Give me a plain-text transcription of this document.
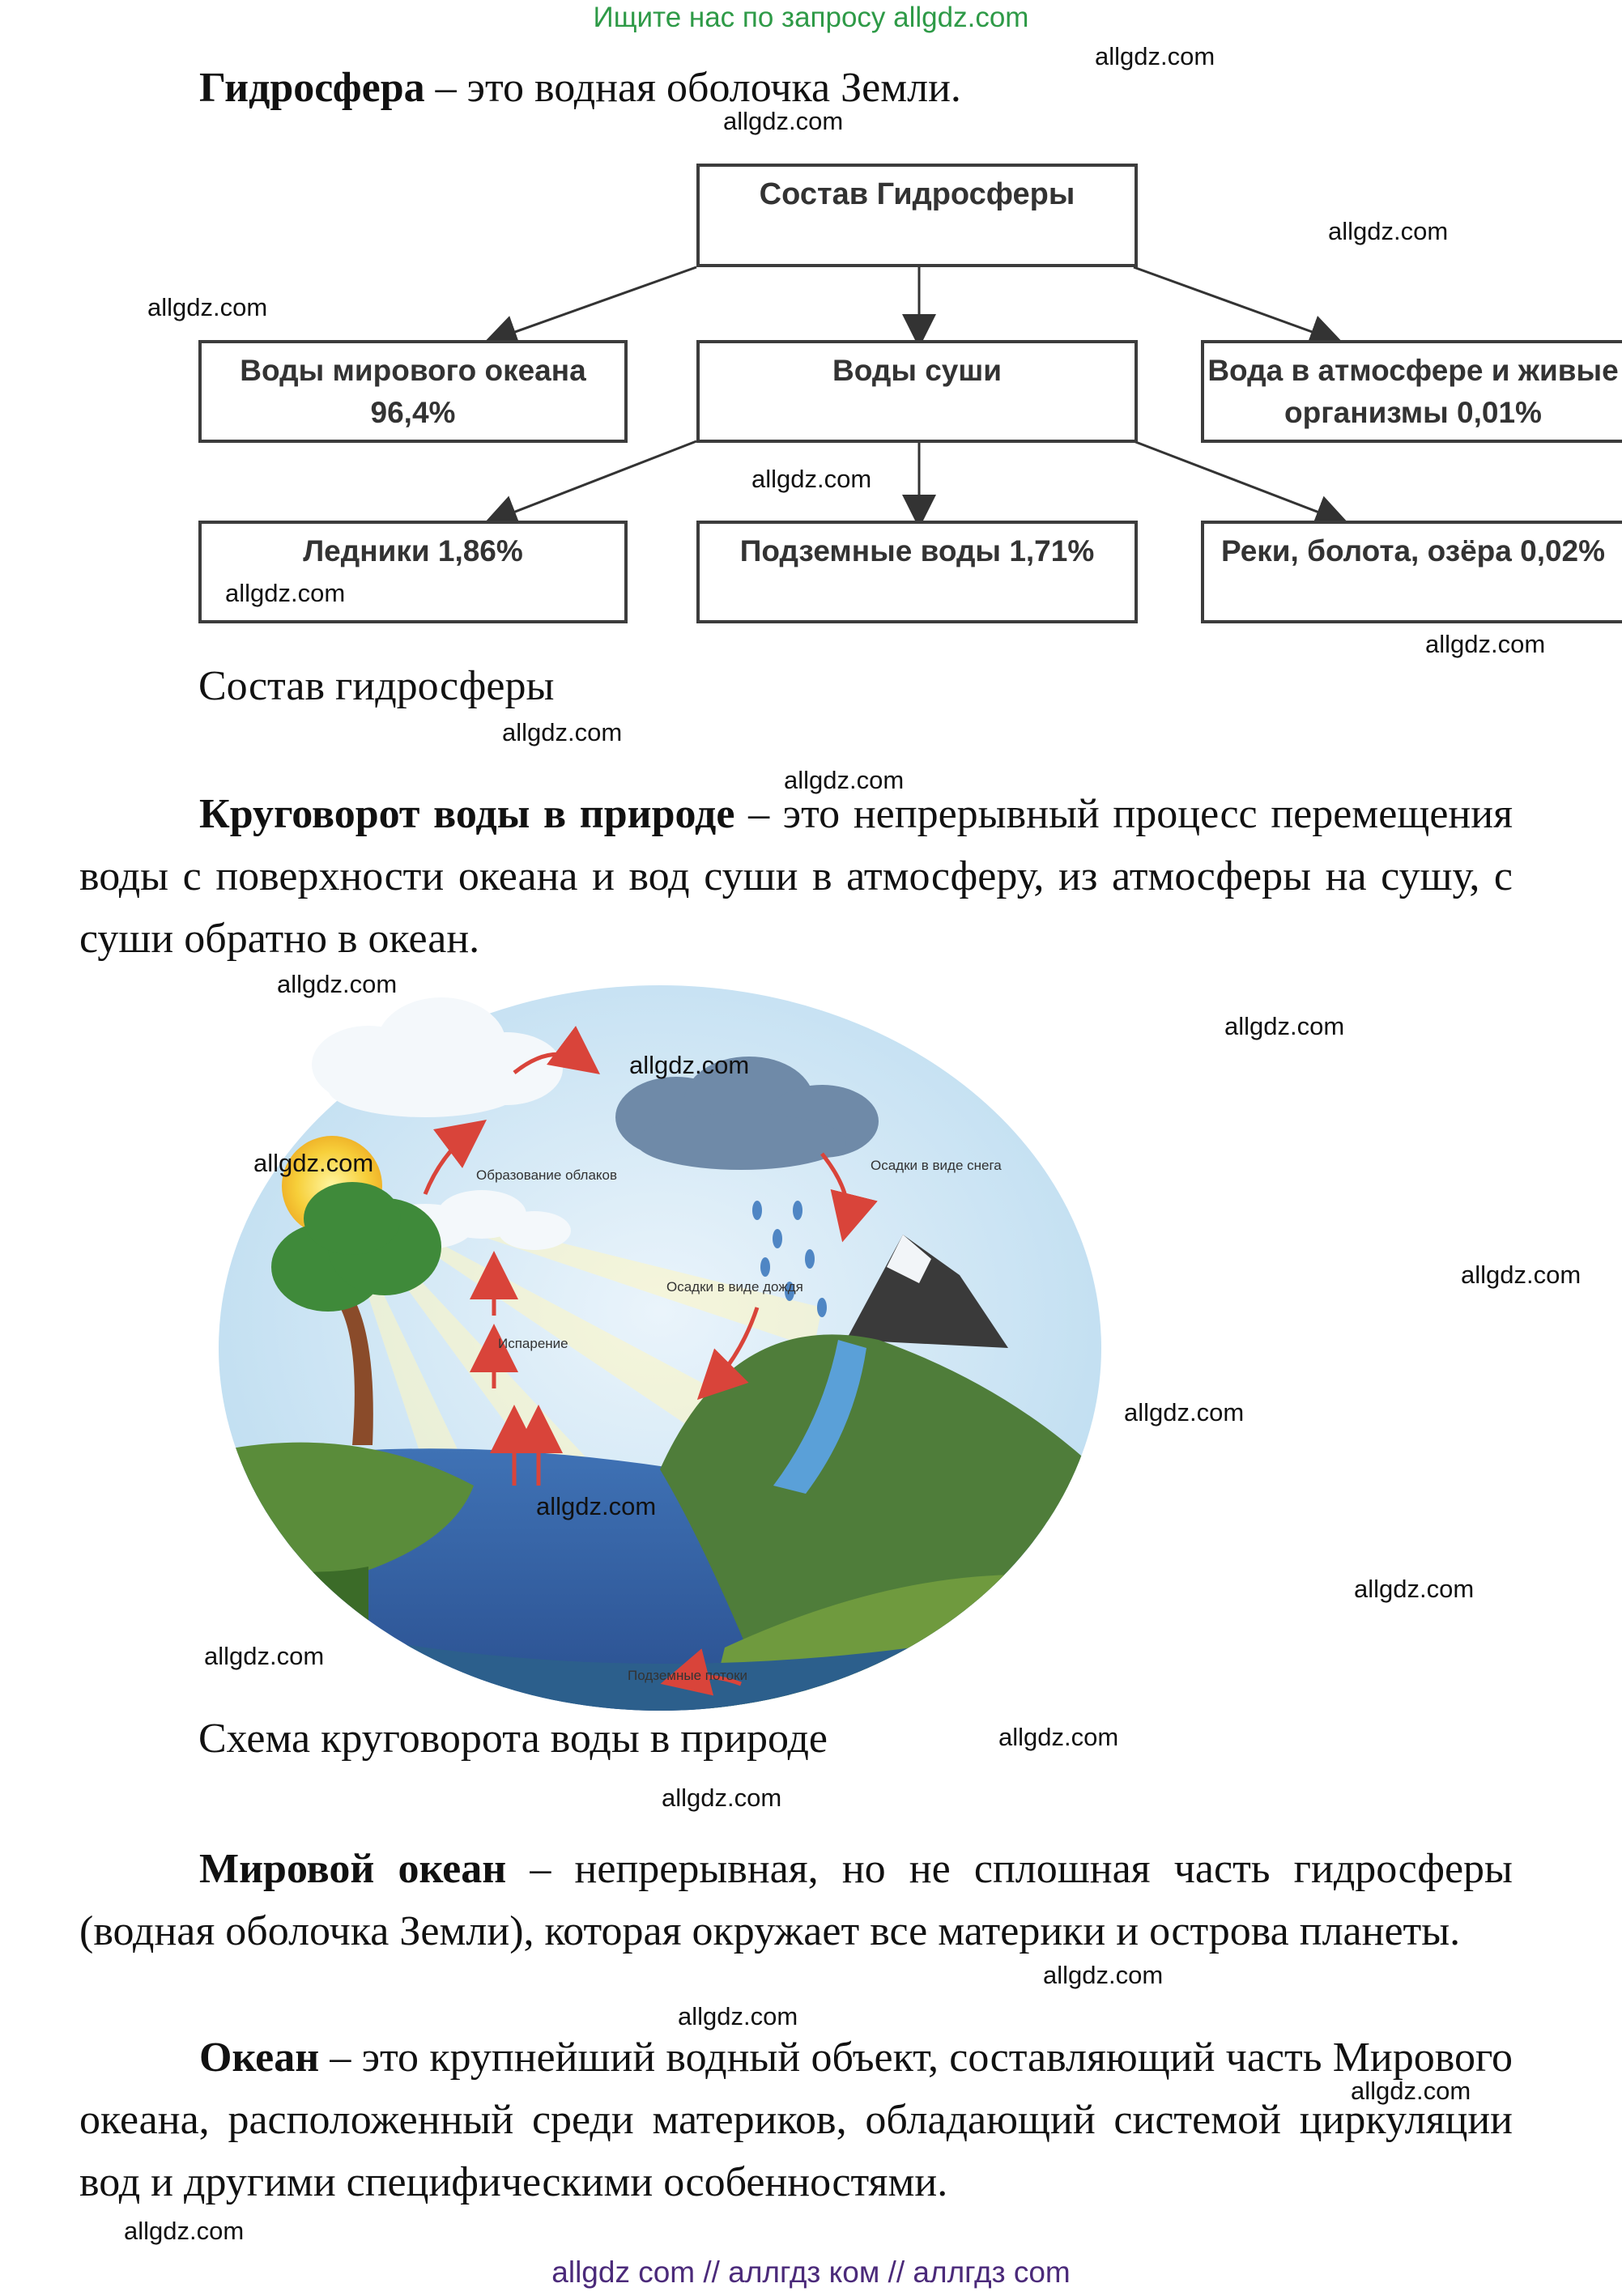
Ищите нас по запросу allgdz.com
Гидросфера – это водная оболочка Земли.
Состав Гидросферы
Воды мирового океана 96,4%
Воды суши	Вода в атмосфере и живые организмы 0,01%
Ледники 1,86%	Подземные воды 1,71%	Реки, болота, озёра 0,02%
Состав гидросферы
Круговорот воды в природе – это непрерывный процесс перемещения воды с поверхности океана и вод суши в атмосферу, из атмосферы на сушу, с суши обратно в океан.
Образование облаков
Испарение
Осадки в виде дождя
Осадки в виде снега
Подземные потоки
Схема круговорота воды в природе
Мировой океан – непрерывная, но не сплошная часть гидросферы (водная оболочка Земли), которая окружает все материки и острова планеты.
Океан – это крупнейший водный объект, составляющий часть Мирового океана, расположенный среди материков, обладающий системой циркуляции вод и другими специфическими особенностями.
allgdz.com
allgdz.com
allgdz.com
allgdz.com
allgdz.com
allgdz.com
allgdz.com
allgdz.com
allgdz.com
allgdz.com
allgdz.com
allgdz.com
allgdz.com
allgdz.com
allgdz.com
allgdz.com
allgdz.com
allgdz.com
allgdz.com
allgdz.com
allgdz.com
allgdz.com
allgdz.com
allgdz.com
allgdz com // аллгдз ком // аллгдз com
